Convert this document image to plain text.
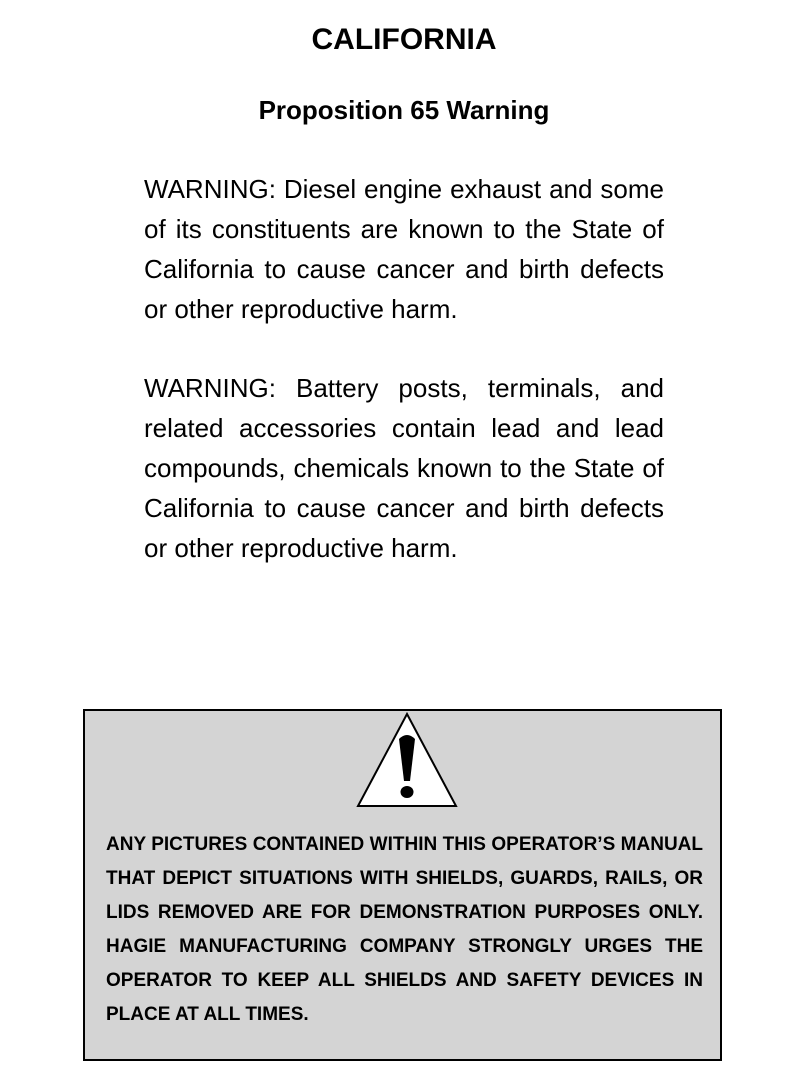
CALIFORNIA
Proposition 65 Warning

WARNING: Diesel engine exhaust and some of its constituents are known to the State of California to cause cancer and birth defects or other reproductive harm.

WARNING: Battery posts, terminals, and related accessories contain lead and lead compounds, chemicals known to the State of California to cause cancer and birth defects or other reproductive harm.

ANY PICTURES CONTAINED WITHIN THIS OPERATOR’S MANUAL THAT DEPICT SITUATIONS WITH SHIELDS, GUARDS, RAILS, OR LIDS REMOVED ARE FOR DEMONSTRATION PURPOSES ONLY. HAGIE MANUFACTURING COMPANY STRONGLY URGES THE OPERATOR TO KEEP ALL SHIELDS AND SAFETY DEVICES IN PLACE AT ALL TIMES.
